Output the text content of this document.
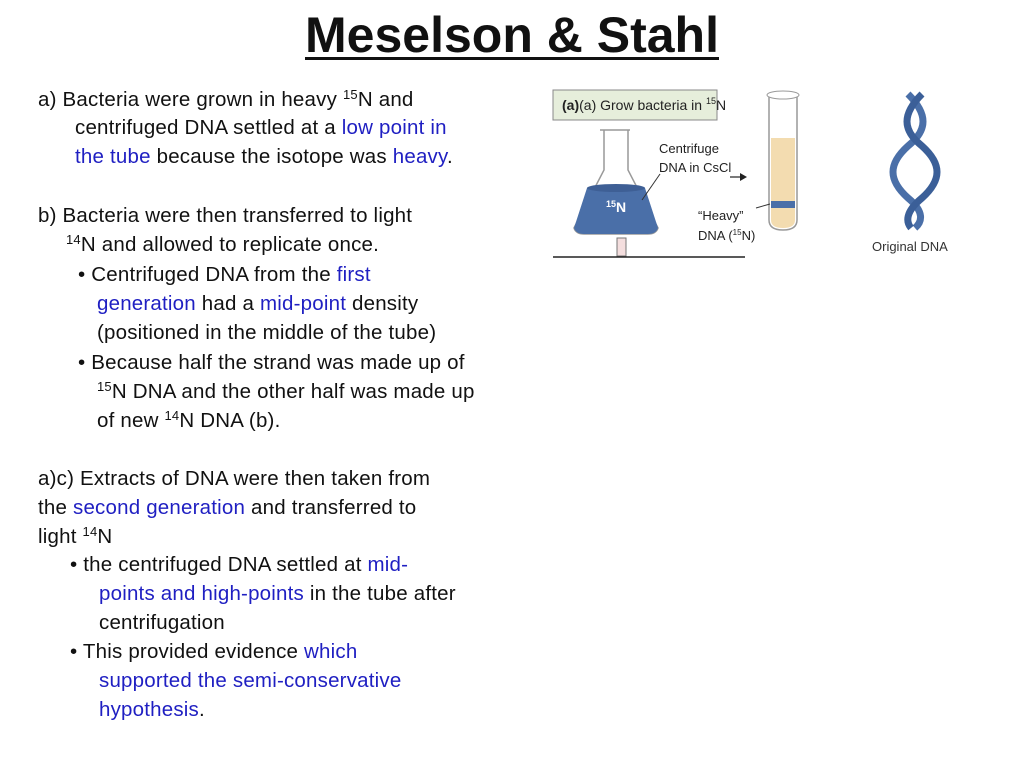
Meselson & Stahl
a) Bacteria were grown in heavy $^{15}$N and
centrifuged DNA settled at a low point in
the tube because the isotope was heavy.
b) Bacteria were then transferred to light
$^{14}$N and allowed to replicate once.
• Centrifuged DNA from the first
generation had a mid-point density
(positioned in the middle of the tube)
• Because half the strand was made up of
$^{15}$N DNA and the other half was made up
of new $^{14}$N DNA (b).
a)c) Extracts of DNA were then taken from
the second generation and transferred to
light $^{14}$N
• the centrifuged DNA settled at mid-
points and high-points in the tube after
centrifugation
• This provided evidence which
supported the semi-conservative
hypothesis.
(a)(a) Grow bacteria in $^{15}$N
$^{15}$N
Centrifuge
DNA in CsCl
“Heavy”
DNA ($^{15}$N)
Original DNA
